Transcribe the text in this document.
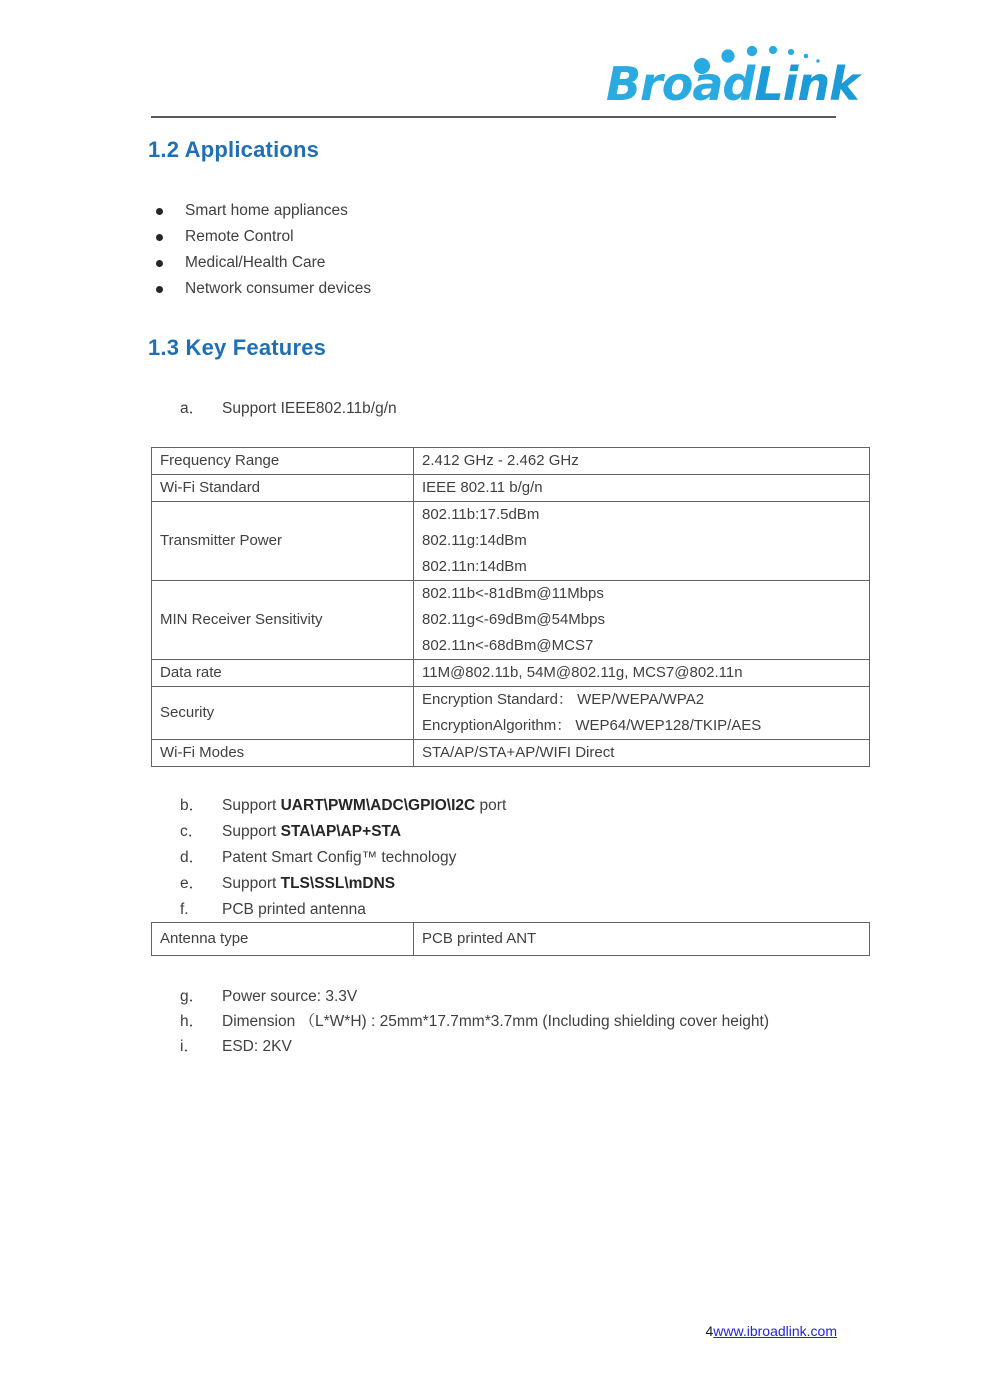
BroadLink
1.2 Applications
Smart home appliances
Remote Control
Medical/Health Care
Network consumer devices
1.3 Key Features
a．	Support IEEE802.11b/g/n
Frequency Range	2.412 GHz - 2.462 GHz

Wi-Fi Standard	IEEE 802.11 b/g/n

Transmitter Power	802.11b:17.5dBm
802.11g:14dBm
802.11n:14dBm

MIN Receiver Sensitivity	802.11b<-81dBm@11Mbps
802.11g<-69dBm@54Mbps
802.11n<-68dBm@MCS7

Data rate	11M@802.11b, 54M@802.11g, MCS7@802.11n

Security	Encryption Standard： WEP/WEPA/WPA2
EncryptionAlgorithm： WEP64/WEP128/TKIP/AES

Wi-Fi Modes	STA/AP/STA+AP/WIFI Direct
b．	Support UART\PWM\ADC\GPIO\I2C port
c．	Support STA\AP\AP+STA
d．	Patent Smart Config™ technology
e．	Support TLS\SSL\mDNS
f.	PCB printed antenna
Antenna type	PCB printed ANT
g．	Power source: 3.3V
h．	Dimension （L*W*H) : 25mm*17.7mm*3.7mm (Including shielding cover height)
i．	ESD: 2KV
4www.ibroadlink.com
